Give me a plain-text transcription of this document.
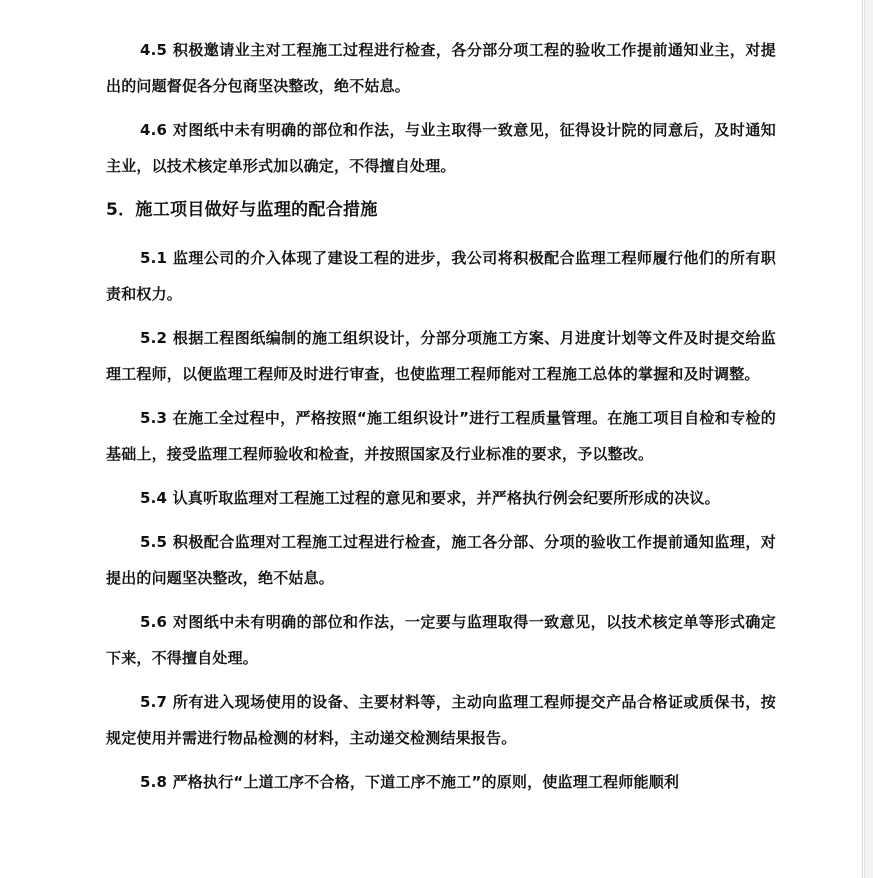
4.5 积极邀请业主对工程施工过程进行检查，各分部分项工程的验收工作提前通知业主，对提出的问题督促各分包商坚决整改，绝不姑息。

4.6 对图纸中未有明确的部位和作法，与业主取得一致意见，征得设计院的同意后，及时通知主业，以技术核定单形式加以确定，不得擅自处理。

5．施工项目做好与监理的配合措施

5.1 监理公司的介入体现了建设工程的进步，我公司将积极配合监理工程师履行他们的所有职责和权力。

5.2 根据工程图纸编制的施工组织设计，分部分项施工方案、月进度计划等文件及时提交给监理工程师，以便监理工程师及时进行审查，也使监理工程师能对工程施工总体的掌握和及时调整。

5.3 在施工全过程中，严格按照“施工组织设计”进行工程质量管理。在施工项目自检和专检的基础上，接受监理工程师验收和检查，并按照国家及行业标准的要求，予以整改。

5.4 认真听取监理对工程施工过程的意见和要求，并严格执行例会纪要所形成的决议。

5.5 积极配合监理对工程施工过程进行检查，施工各分部、分项的验收工作提前通知监理，对提出的问题坚决整改，绝不姑息。

5.6 对图纸中未有明确的部位和作法，一定要与监理取得一致意见，以技术核定单等形式确定下来，不得擅自处理。

5.7 所有进入现场使用的设备、主要材料等，主动向监理工程师提交产品合格证或质保书，按规定使用并需进行物品检测的材料，主动递交检测结果报告。

5.8 严格执行“上道工序不合格，下道工序不施工”的原则，使监理工程师能顺利
